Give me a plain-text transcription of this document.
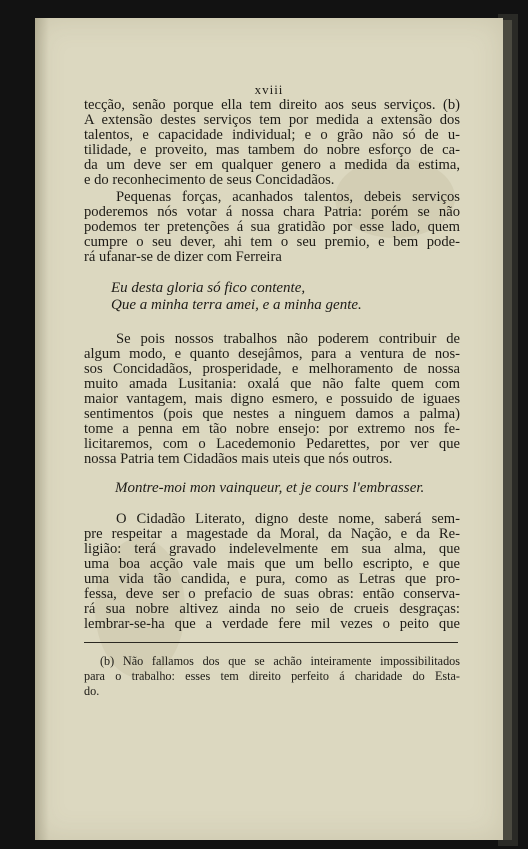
xviii
tecção, senão porque ella tem direito aos seus serviços. (b)
A extensão destes serviços tem por medida a extensão dos
talentos, e capacidade individual; e o grão não só de u-
tilidade, e proveito, mas tambem do nobre esforço de ca-
da um deve ser em qualquer genero a medida da estima,
e do reconhecimento de seus Concidadãos.
Pequenas forças, acanhados talentos, debeis serviços
poderemos nós votar á nossa chara Patria: porém se não
podemos ter pretenções á sua gratidão por esse lado, quem
cumpre o seu dever, ahi tem o seu premio, e bem pode-
rá ufanar-se de dizer com Ferreira
Eu desta gloria só fico contente,
Que a minha terra amei, e a minha gente.
Se pois nossos trabalhos não poderem contribuir de
algum modo, e quanto desejâmos, para a ventura de nos-
sos Concidadãos, prosperidade, e melhoramento de nossa
muito amada Lusitania: oxalá que não falte quem com
maior vantagem, mais digno esmero, e possuido de iguaes
sentimentos (pois que nestes a ninguem damos a palma)
tome a penna em tão nobre ensejo: por extremo nos fe-
licitaremos, com o Lacedemonio Pedarettes, por ver que
nossa Patria tem Cidadãos mais uteis que nós outros.
Montre-moi mon vainqueur, et je cours l'embrasser.
O Cidadão Literato, digno deste nome, saberá sem-
pre respeitar a magestade da Moral, da Nação, e da Re-
ligião: terá gravado indelevelmente em sua alma, que
uma boa acção vale mais que um bello escripto, e que
uma vida tão candida, e pura, como as Letras que pro-
fessa, deve ser o prefacio de suas obras: então conserva-
rá sua nobre altivez ainda no seio de crueis desgraças:
lembrar-se-ha que a verdade fere mil vezes o peito que
(b) Não fallamos dos que se achão inteiramente impossibilitados
para o trabalho: esses tem direito perfeito á charidade do Esta-
do.
